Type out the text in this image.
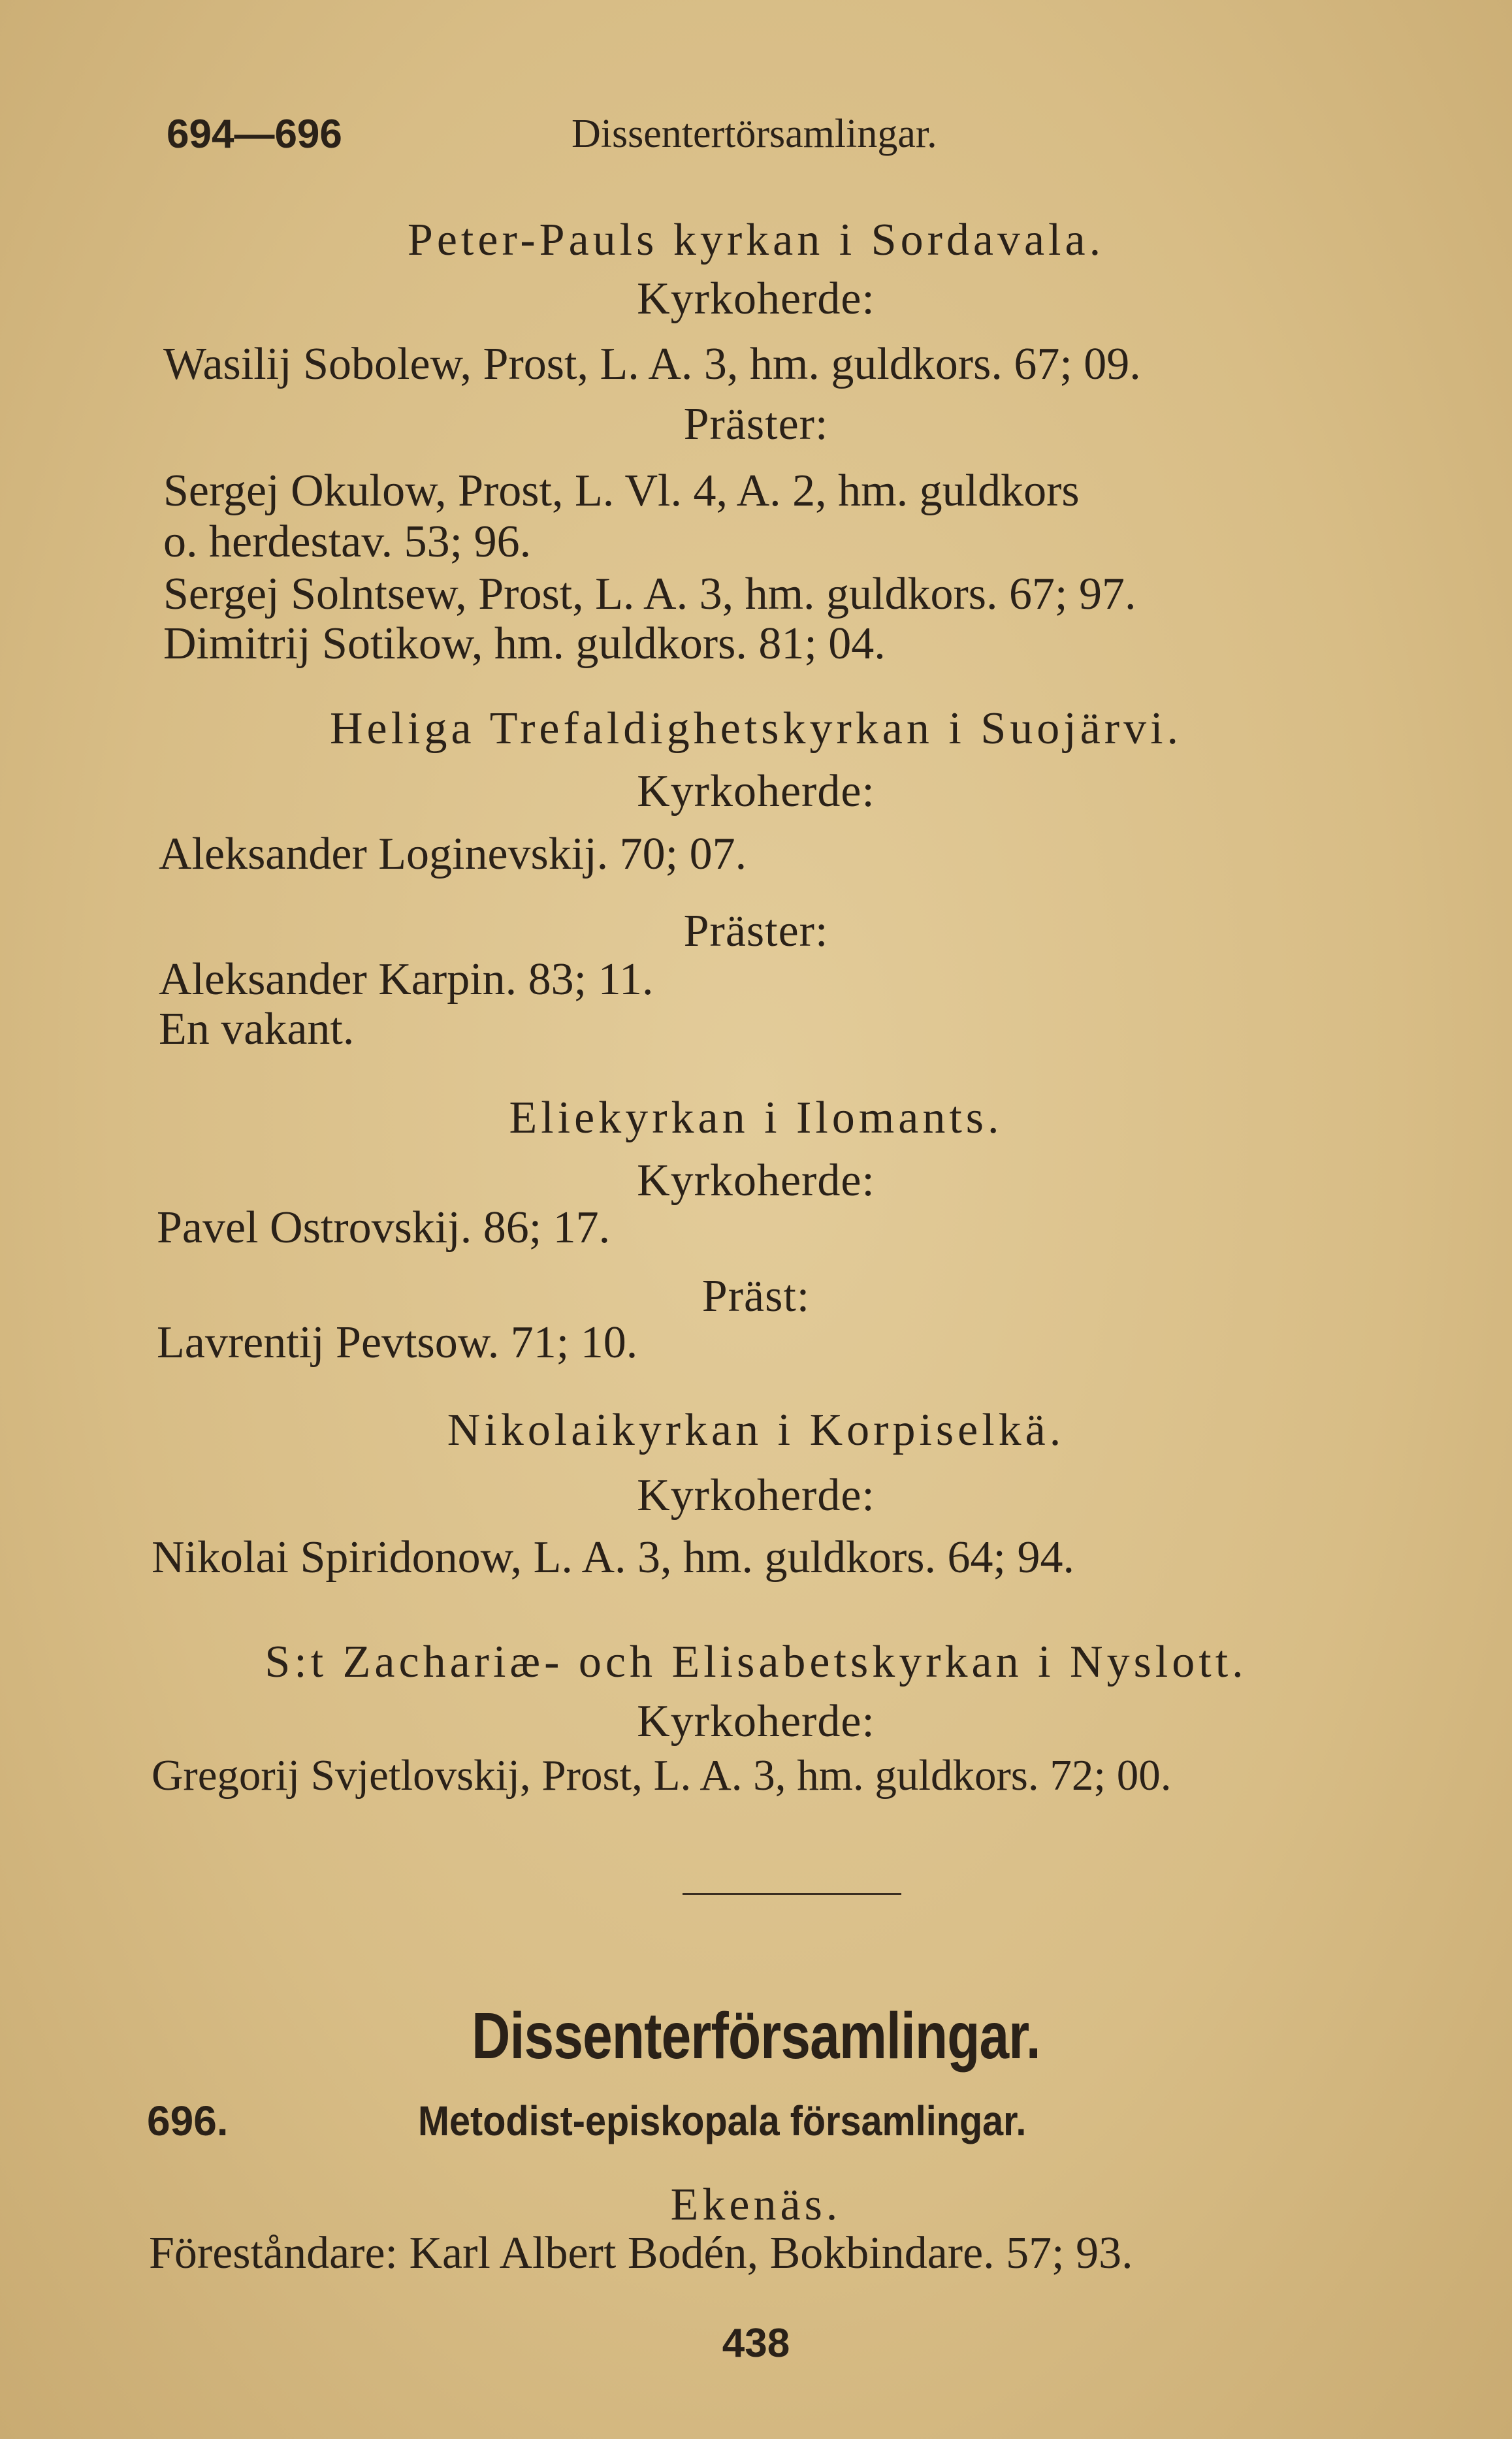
694—696	Dissentertörsamlingar.

Peter-Pauls kyrkan i Sordavala.

Kyrkoherde:

Wasilij Sobolew, Prost, L. A. 3, hm. guldkors. 67; 09.

Präster:

Sergej Okulow, Prost, L. Vl. 4, A. 2, hm. guldkors

o. herdestav. 53; 96.

Sergej Solntsew, Prost, L. A. 3, hm. guldkors. 67; 97.

Dimitrij Sotikow, hm. guldkors. 81; 04.

Heliga Trefaldighetskyrkan i Suojärvi.

Kyrkoherde:

Aleksander Loginevskij. 70; 07.

Präster:

Aleksander Karpin. 83; 11.

En vakant.

Eliekyrkan i Ilomants.

Kyrkoherde:

Pavel Ostrovskij. 86; 17.

Präst:

Lavrentij Pevtsow. 71; 10.

Nikolaikyrkan i Korpiselkä.

Kyrkoherde:

Nikolai Spiridonow, L. A. 3, hm. guldkors. 64; 94.

S:t Zachariæ- och Elisabetskyrkan i Nyslott.

Kyrkoherde:

Gregorij Svjetlovskij, Prost, L. A. 3, hm. guldkors. 72; 00.

Dissenterförsamlingar.
696.	Metodist-episkopala församlingar.

Ekenäs.

Föreståndare: Karl Albert Bodén, Bokbindare. 57; 93.

438
